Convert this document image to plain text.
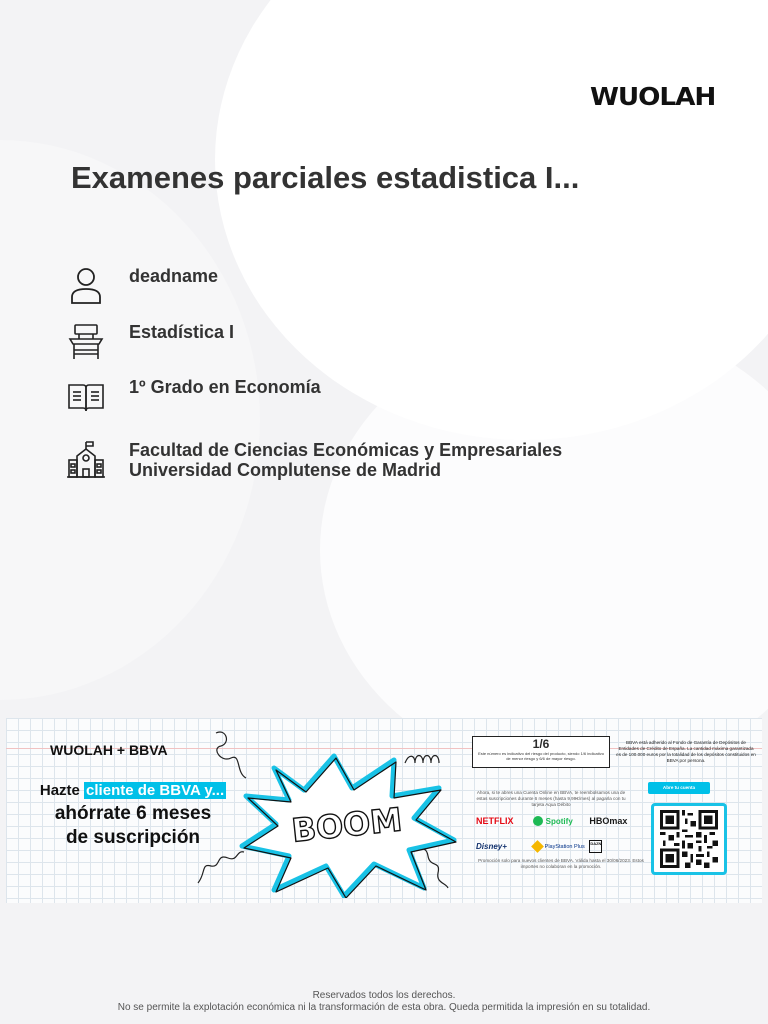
WUOLAH
Examenes parciales estadistica I...
deadname
Estadística I
1º Grado en Economía
Facultad de Ciencias Económicas y Empresariales
Universidad Complutense de Madrid
WUOLAH + BBVA
Hazte cliente de BBVA y...
ahórrate 6 meses
de suscripción	BOOM
1/6
Este número es indicativo del riesgo del producto, siendo 1/6 indicativo de menor riesgo y 6/6 de mayor riesgo.
BBVA está adherido al Fondo de Garantía de Depósitos de Entidades de Crédito de España. La cantidad máxima garantizada es de 100.000 euros por la totalidad de los depósitos constituidos en BBVA por persona.
Ahora, si te abres una Cuenta Online en BBVA, te reembolsamos una de estas suscripciones durante 6 meses (hasta 9,99€/mes) al pagarla con tu tarjeta Aqua Débito
NETFLIX	Spotify HBOmax
Disney+	PlayStation Plus DAZN
Promoción solo para nuevos clientes de BBVA. Válida hasta el 30/06/2023. Estos importes no colaboran en la promoción.
Abre tu cuenta
Reservados todos los derechos.
No se permite la explotación económica ni la transformación de esta obra. Queda permitida la impresión en su totalidad.
